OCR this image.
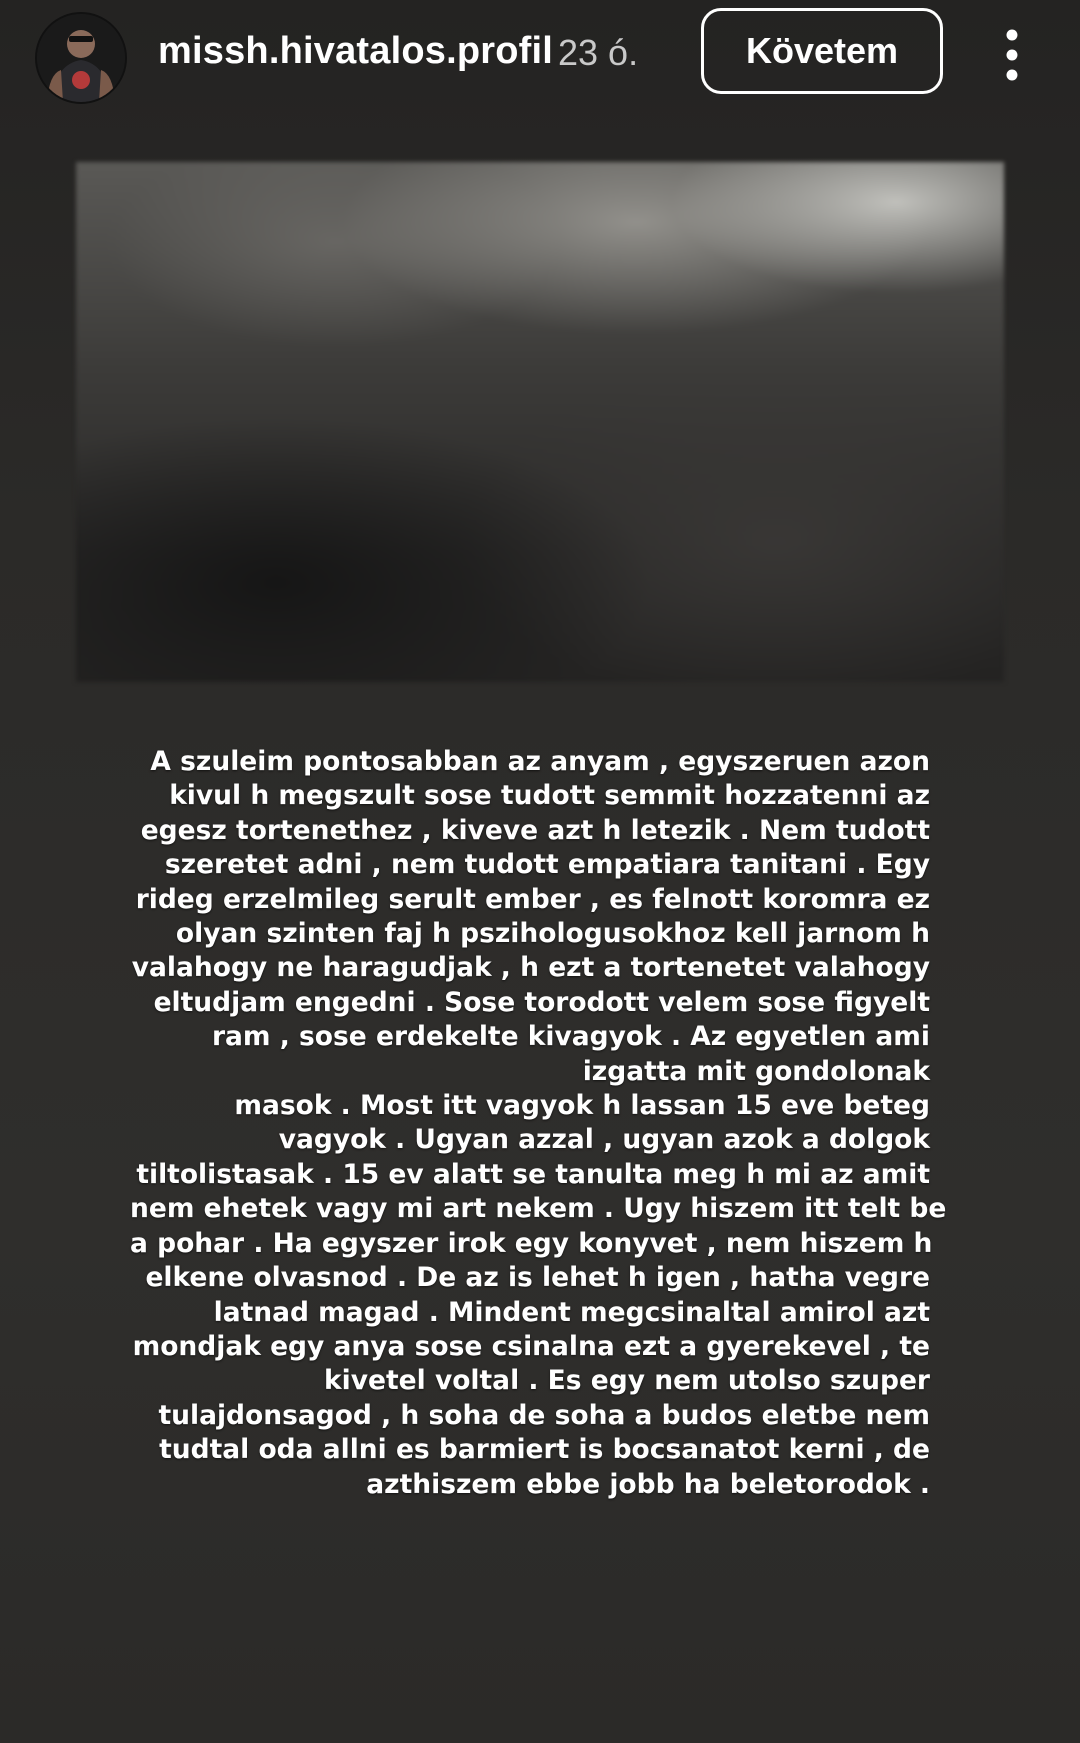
missh.hivatalos.profil 23 ó.	Követem
A szuleim pontosabban az anyam , egyszeruen azon
kivul h megszult sose tudott semmit hozzatenni az
egesz tortenethez , kiveve azt h letezik . Nem tudott
szeretet adni , nem tudott empatiara tanitani . Egy
rideg erzelmileg serult ember , es felnott koromra ez
olyan szinten faj h pszihologusokhoz kell jarnom h
valahogy ne haragudjak , h ezt a tortenetet valahogy
eltudjam engedni . Sose torodott velem sose figyelt
ram , sose erdekelte kivagyok . Az egyetlen ami
izgatta mit gondolonak
masok . Most itt vagyok h lassan 15 eve beteg
vagyok . Ugyan azzal , ugyan azok a dolgok
tiltolistasak . 15 ev alatt se tanulta meg h mi az amit
nem ehetek vagy mi art nekem . Ugy hiszem itt telt be
a pohar . Ha egyszer irok egy konyvet , nem hiszem h
elkene olvasnod . De az is lehet h igen , hatha vegre
latnad magad . Mindent megcsinaltal amirol azt
mondjak egy anya sose csinalna ezt a gyerekevel , te
kivetel voltal . Es egy nem utolso szuper
tulajdonsagod , h soha de soha a budos eletbe nem
tudtal oda allni es barmiert is bocsanatot kerni , de
azthiszem ebbe jobb ha beletorodok .
